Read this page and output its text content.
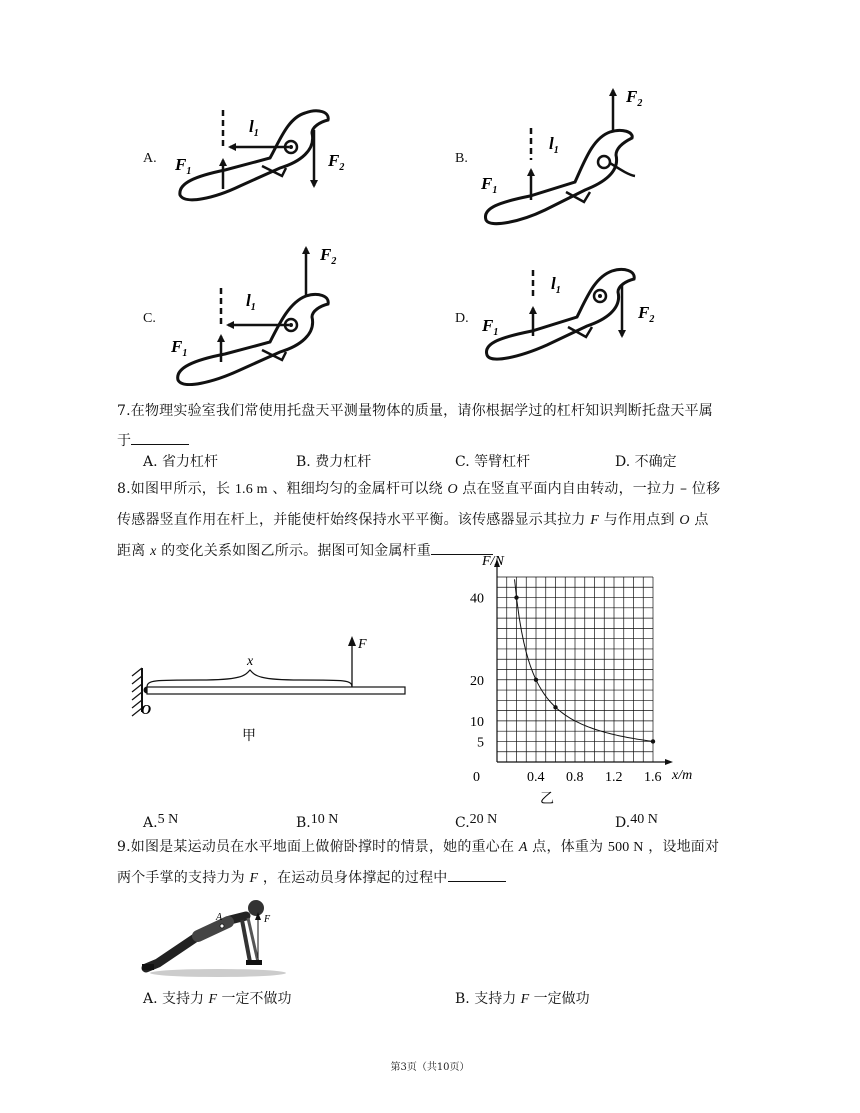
A.	B.
C.	D.
$l_1$
$F_1$
$F_2$
$l_1$
$F_1$
$F_2$
$l_1$
$F_1$
$F_2$
$l_1$
$F_1$
$F_2$
7.在物理实验室我们常使用托盘天平测量物体的质量，请你根据学过的杠杆知识判断托盘天平属
于
A. 省力杠杆	B. 费力杠杆	C. 等臂杠杆	D. 不确定
8.如图甲所示，长 1.6 m 、粗细均匀的金属杆可以绕 O 点在竖直平面内自由转动，一拉力 – 位移
传感器竖直作用在杆上，并能使杆始终保持水平平衡。该传感器显示其拉力 F 与作用点到 O 点
距离 x 的变化关系如图乙所示。据图可知金属杆重
x
F
O
甲
0	0.4 0.8 1.2 1.6
5
10
20
40
F/N
x/m
乙
A.5 N	B.10 N	C.20 N	D.40 N
9.如图是某运动员在水平地面上做俯卧撑时的情景，她的重心在 A 点，体重为 500 N ，设地面对
两个手掌的支持力为 F ，在运动员身体撑起的过程中
A	F
A. 支持力 F 一定不做功	B. 支持力 F 一定做功
第3页（共10页）
